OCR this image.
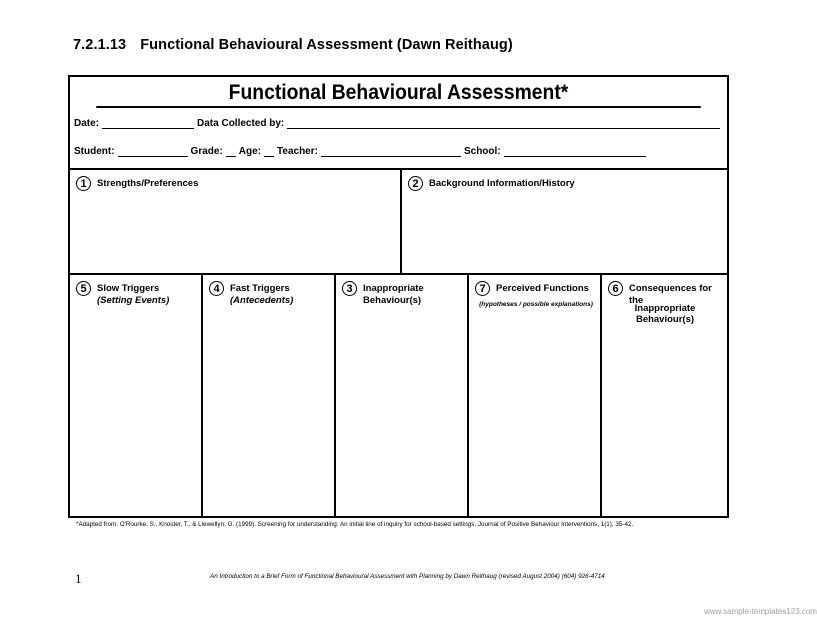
7.2.1.13 Functional Behavioural Assessment (Dawn Reithaug)
Functional Behavioural Assessment*
Date:	Data Collected by:
Student:	Grade: Age: Teacher:	School:
1	Strengths/Preferences	2	Background Information/History
5	Slow Triggers
(Setting Events)
4	Fast Triggers
(Antecedents)
3	Inappropriate
Behaviour(s)
7	Perceived Functions
(hypotheses / possible explanations)
6	Consequences for the
Inappropriate Behaviour(s)
*Adapted from: O'Rourke, S., Knoster, T., & Llewellyn, G. (1999). Screening for understanding: An initial line of inquiry for school-based settings. Journal of Positive Behaviour Interventions, 1(1), 35-42.
1	An Introduction to a Brief Form of Functional Behavioural Assessment with Planning by Dawn Reithaug (revised August 2004) (604) 926-4714
www.sample-templates123.com
